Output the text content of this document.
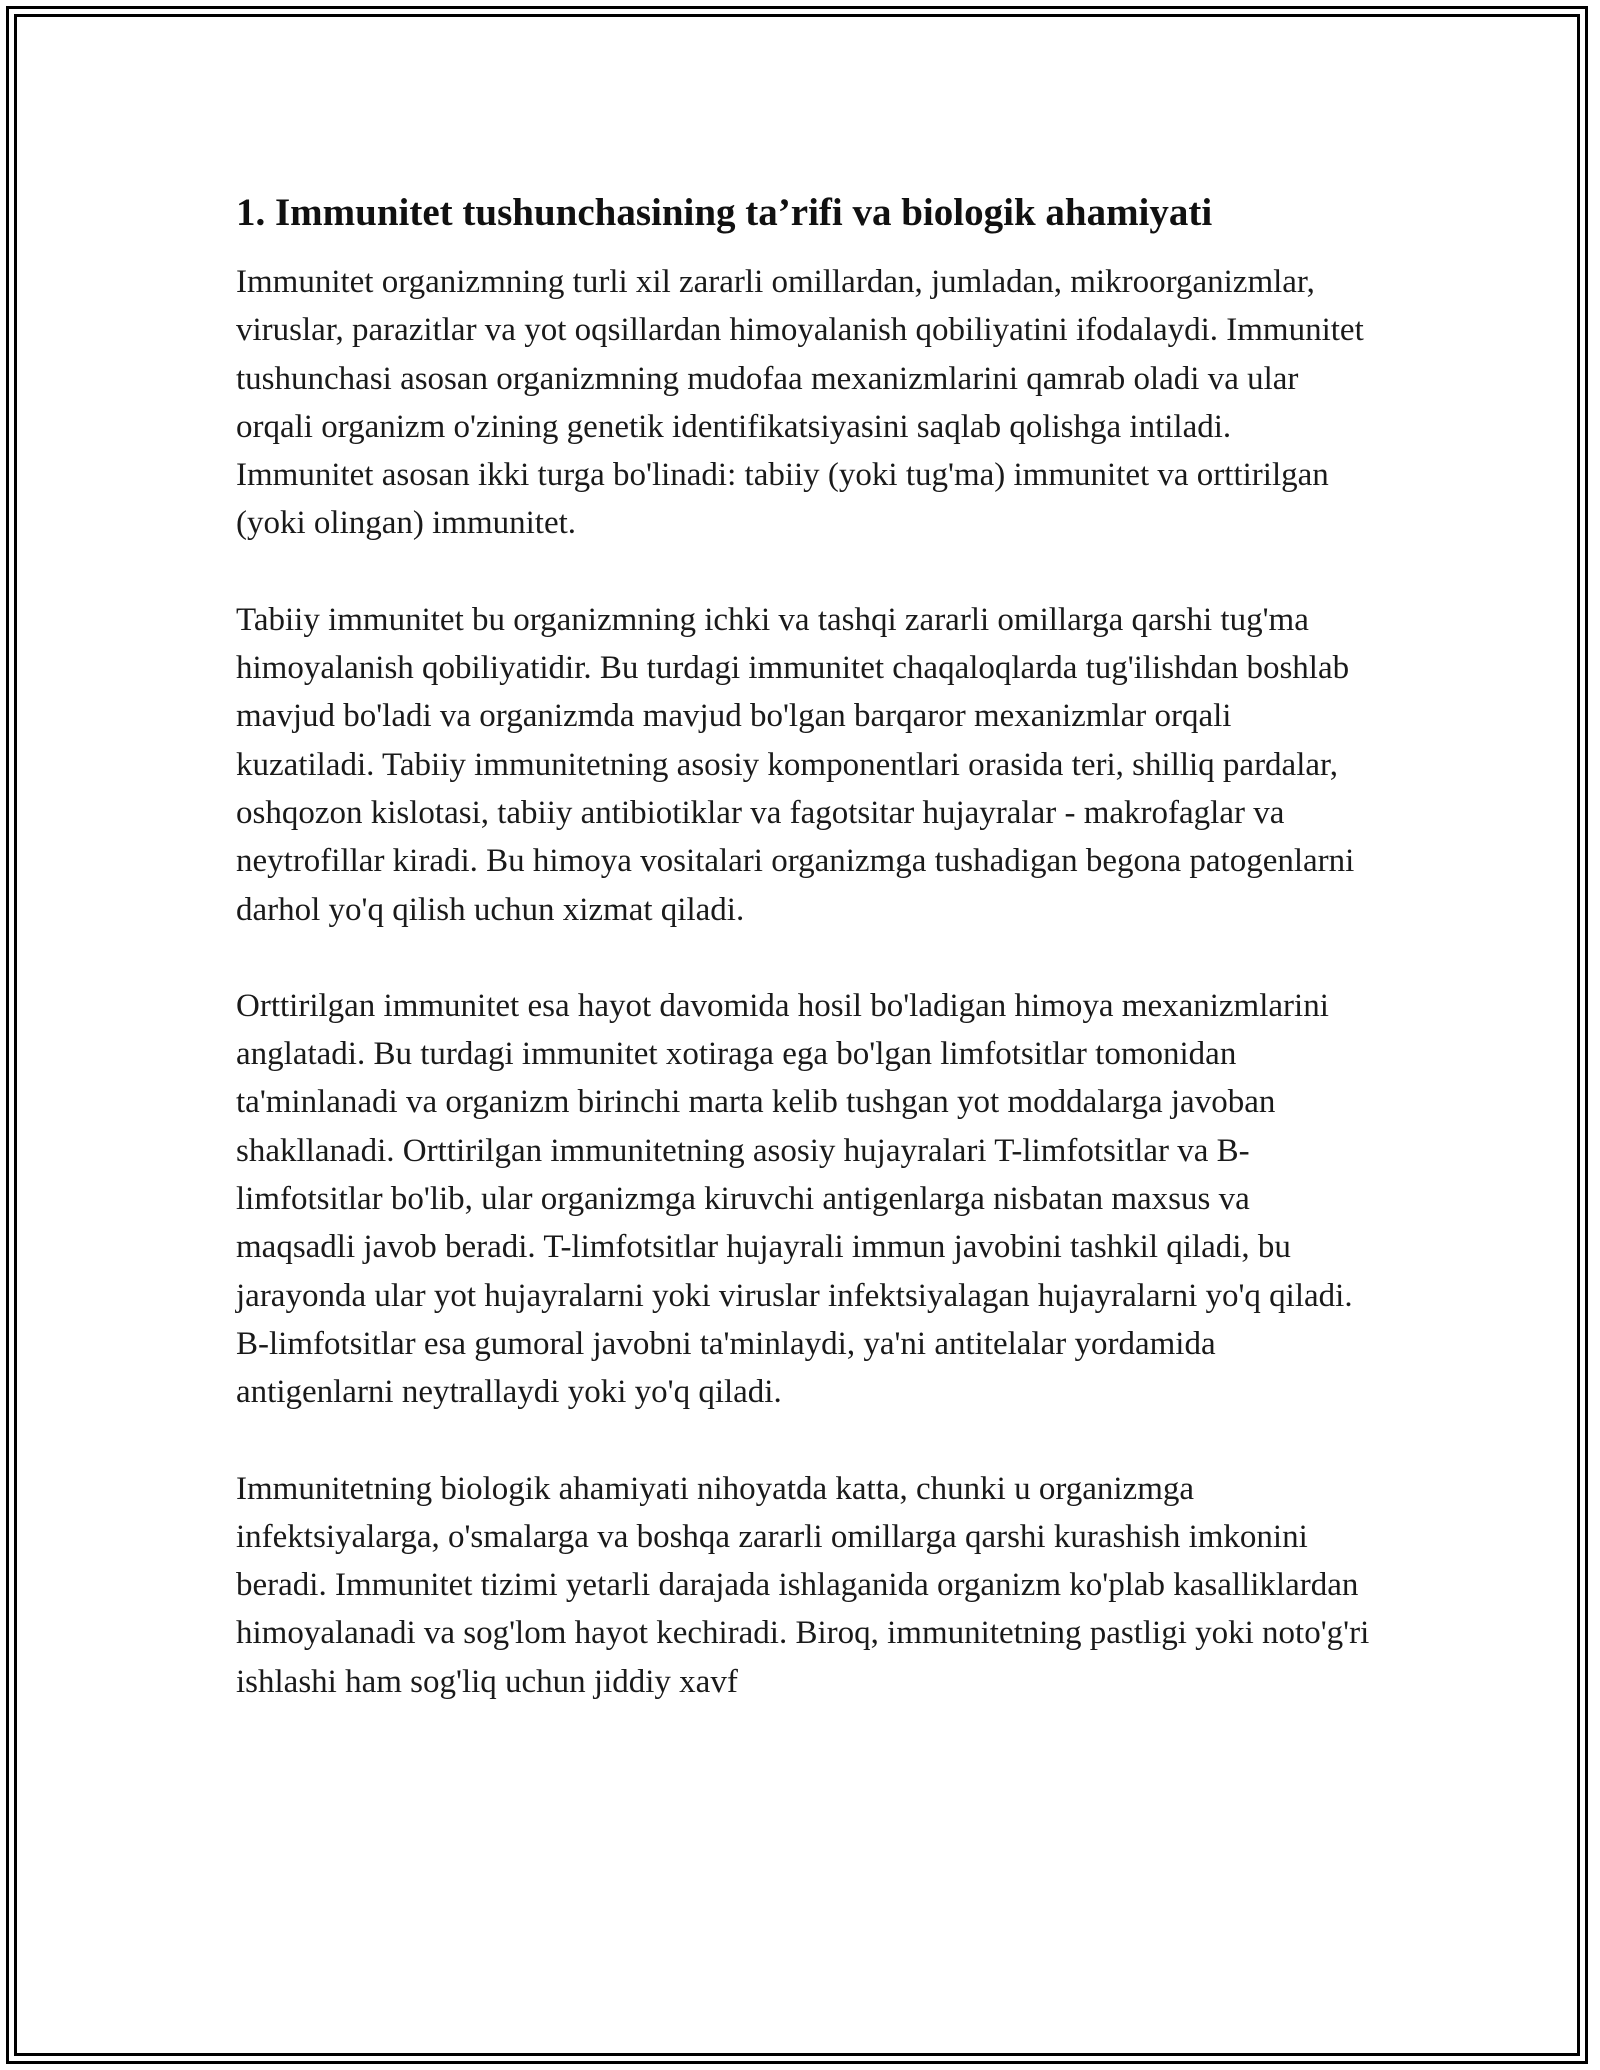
1. Immunitet tushunchasining ta’rifi va biologik ahamiyati

Immunitet organizmning turli xil zararli omillardan, jumladan, mikroorganizmlar, viruslar, parazitlar va yot oqsillardan himoyalanish qobiliyatini ifodalaydi. Immunitet tushunchasi asosan organizmning mudofaa mexanizmlarini qamrab oladi va ular orqali organizm o'zining genetik identifikatsiyasini saqlab qolishga intiladi. Immunitet asosan ikki turga bo'linadi: tabiiy (yoki tug'ma) immunitet va orttirilgan (yoki olingan) immunitet.

Tabiiy immunitet bu organizmning ichki va tashqi zararli omillarga qarshi tug'ma himoyalanish qobiliyatidir. Bu turdagi immunitet chaqaloqlarda tug'ilishdan boshlab mavjud bo'ladi va organizmda mavjud bo'lgan barqaror mexanizmlar orqali kuzatiladi. Tabiiy immunitetning asosiy komponentlari orasida teri, shilliq pardalar, oshqozon kislotasi, tabiiy antibiotiklar va fagotsitar hujayralar - makrofaglar va neytrofillar kiradi. Bu himoya vositalari organizmga tushadigan begona patogenlarni darhol yo'q qilish uchun xizmat qiladi.

Orttirilgan immunitet esa hayot davomida hosil bo'ladigan himoya mexanizmlarini anglatadi. Bu turdagi immunitet xotiraga ega bo'lgan limfotsitlar tomonidan ta'minlanadi va organizm birinchi marta kelib tushgan yot moddalarga javoban shakllanadi. Orttirilgan immunitetning asosiy hujayralari T-limfotsitlar va B-limfotsitlar bo'lib, ular organizmga kiruvchi antigenlarga nisbatan maxsus va maqsadli javob beradi. T-limfotsitlar hujayrali immun javobini tashkil qiladi, bu jarayonda ular yot hujayralarni yoki viruslar infektsiyalagan hujayralarni yo'q qiladi. B-limfotsitlar esa gumoral javobni ta'minlaydi, ya'ni antitelalar yordamida antigenlarni neytrallaydi yoki yo'q qiladi.

Immunitetning biologik ahamiyati nihoyatda katta, chunki u organizmga infektsiyalarga, o'smalarga va boshqa zararli omillarga qarshi kurashish imkonini beradi. Immunitet tizimi yetarli darajada ishlaganida organizm ko'plab kasalliklardan himoyalanadi va sog'lom hayot kechiradi. Biroq, immunitetning pastligi yoki noto'g'ri ishlashi ham sog'liq uchun jiddiy xavf
